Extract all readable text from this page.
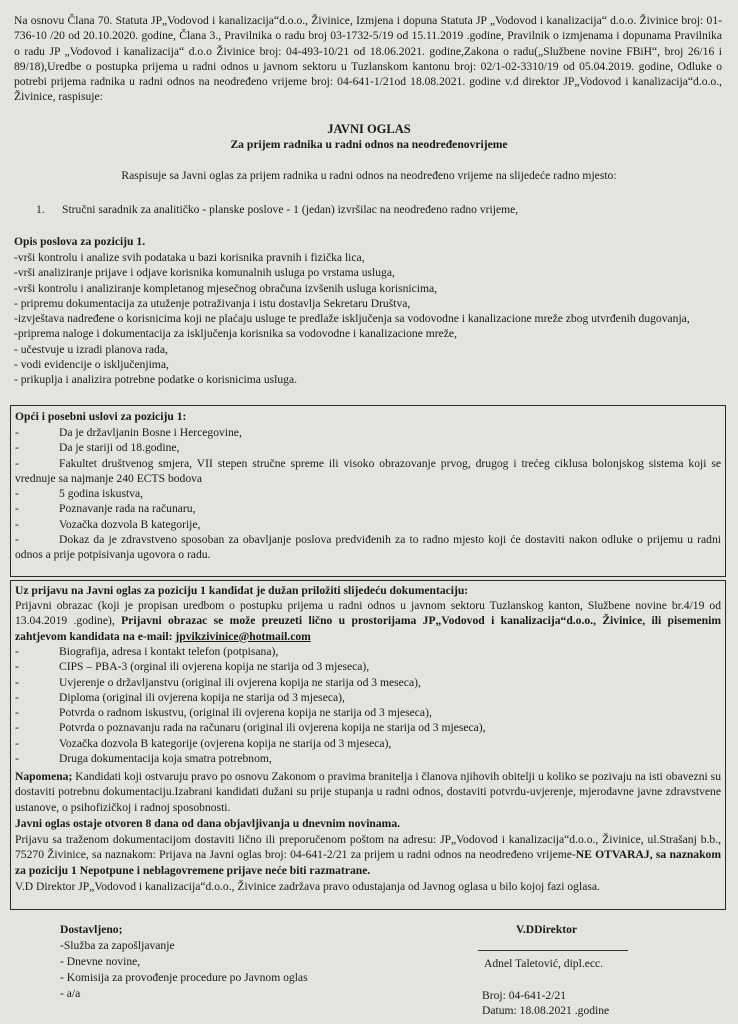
Na osnovu Člana 70. Statuta JP„Vodovod i kanalizacija“d.o.o., Živinice, Izmjena i dopuna Statuta JP „Vodovod i kanalizacija“ d.o.o. Živinice broj: 01-736-10 /20 od 20.10.2020. godine, Člana 3., Pravilnika o radu broj 03-1732-5/19 od 15.11.2019 .godine, Pravilnik o izmjenama i dopunama Pravilnika o radu JP „Vodovod i kanalizacija“ d.o.o Živinice broj: 04-493-10/21 od 18.06.2021. godine,Zakona o radu(„Službene novine FBiH“, broj 26/16 i 89/18),Uredbe o postupka prijema u radni odnos u javnom sektoru u Tuzlanskom kantonu broj: 02/1-02-3310/19 od 05.04.2019. godine, Odluke o potrebi prijema radnika u radni odnos na neodređeno vrijeme broj: 04-641-1/21od 18.08.2021. godine v.d direktor JP„Vodovod i kanalizacija“d.o.o., Živinice, raspisuje:
JAVNI OGLAS
Za prijem radnika u radni odnos na neodređenovrijeme
Raspisuje sa Javni oglas za prijem radnika u radni odnos na neodređeno vrijeme na slijedeće radno mjesto:
1. Stručni saradnik za analitičko - planske poslove - 1 (jedan) izvršilac na neodređeno radno vrijeme,
Opis poslova za poziciju 1.

-vrši kontrolu i analize svih podataka u bazi korisnika pravnih i fizička lica,

-vrši analiziranje prijave i odjave korisnika komunalnih usluga po vrstama usluga,

-vrši kontrolu i analiziranje kompletanog mjesečnog obračuna izvšenih usluga korisnicima,

- pripremu dokumentacija za utuženje potraživanja i istu dostavlja Sekretaru Društva,

-izvještava nadređene o korisnicima koji ne plaćaju usluge te predlaže isključenja sa vodovodne i kanalizacione mreže zbog utvrđenih dugovanja,

-priprema naloge i dokumentacija za isključenja korisnika sa vodovodne i kanalizacione mreže,

- učestvuje u izradi planova rada,

- vodi evidencije o isključenjima,

- prikuplja i analizira potrebne podatke o korisnicima usluga.

Opći i posebni uslovi za poziciju 1:
-	Da je državljanin Bosne i Hercegovine,
-	Da je stariji od 18.godine,
-	Fakultet društvenog smjera, VII stepen stručne spreme ili visoko obrazovanje prvog, drugog i trećeg ciklusa bolonjskog sistema koji se vrednuje sa najmanje 240 ECTS bodova
-	5 godina iskustva,
-	Poznavanje rada na računaru,
-	Vozačka dozvola B kategorije,
-	Dokaz da je zdravstveno sposoban za obavljanje poslova predviđenih za to radno mjesto koji će dostaviti nakon odluke o prijemu u radni odnos a prije potpisivanja ugovora o radu.
Uz prijavu na Javni oglas za poziciju 1 kandidat je dužan priložiti slijedeću dokumentaciju:
Prijavni obrazac (koji je propisan uredbom o postupku prijema u radni odnos u javnom sektoru Tuzlanskog kanton, Službene novine br.4/19 od 13.04.2019 .godine), Prijavni obrazac se može preuzeti lično u prostorijama JP„Vodovod i kanalizacija“d.o.o., Živinice, ili pisemenim zahtjevom kandidata na e-mail: jpvikzivinice@hotmail.com
-	Biografija, adresa i kontakt telefon (potpisana),
-	CIPS – PBA-3 (orginal ili ovjerena kopija ne starija od 3 mjeseca),
-	Uvjerenje o državljanstvu (original ili ovjerena kopija ne starija od 3 meseca),
-	Diploma (original ili ovjerena kopija ne starija od 3 mjeseca),
-	Potvrda o radnom iskustvu, (original ili ovjerena kopija ne starija od 3 mjeseca),
-	Potvrda o poznavanju rada na računaru (original ili ovjerena kopija ne starija od 3 mjeseca),
-	Vozačka dozvola B kategorije (ovjerena kopija ne starija od 3 mjeseca),
-	Druga dokumentacija koja smatra potrebnom,
Napomena; Kandidati koji ostvaruju pravo po osnovu Zakonom o pravima branitelja i članova njihovih obitelji u koliko se pozivaju na isti obavezni su dostaviti potrebnu dokumentaciju.Izabrani kandidati dužani su prije stupanja u radni odnos, dostaviti potvrdu-uvjerenje, mjerodavne javne zdravstvene ustanove, o psihofizičkoj i radnoj sposobnosti.
Javni oglas ostaje otvoren 8 dana od dana objavljivanja u dnevnim novinama.
Prijavu sa traženom dokumentacijom dostaviti lično ili preporučenom poštom na adresu: JP„Vodovod i kanalizacija“d.o.o., Živinice, ul.Strašanj b.b., 75270 Živinice, sa naznakom: Prijava na Javni oglas broj: 04-641-2/21 za prijem u radni odnos na neodređeno vrijeme-NE OTVARAJ, sa naznakom za poziciju 1 Nepotpune i neblagovremene prijave neće biti razmatrane.
V.D Direktor JP„Vodovod i kanalizacija“d.o.o., Živinice zadržava pravo odustajanja od Javnog oglasa u bilo kojoj fazi oglasa.
Dostavljeno;
-Služba za zapošljavanje
- Dnevne novine,
- Komisija za provođenje procedure po Javnom oglas
- a/a
V.DDirektor
Adnel Taletović, dipl.ecc.
Broj: 04-641-2/21
Datum: 18.08.2021 .godine
